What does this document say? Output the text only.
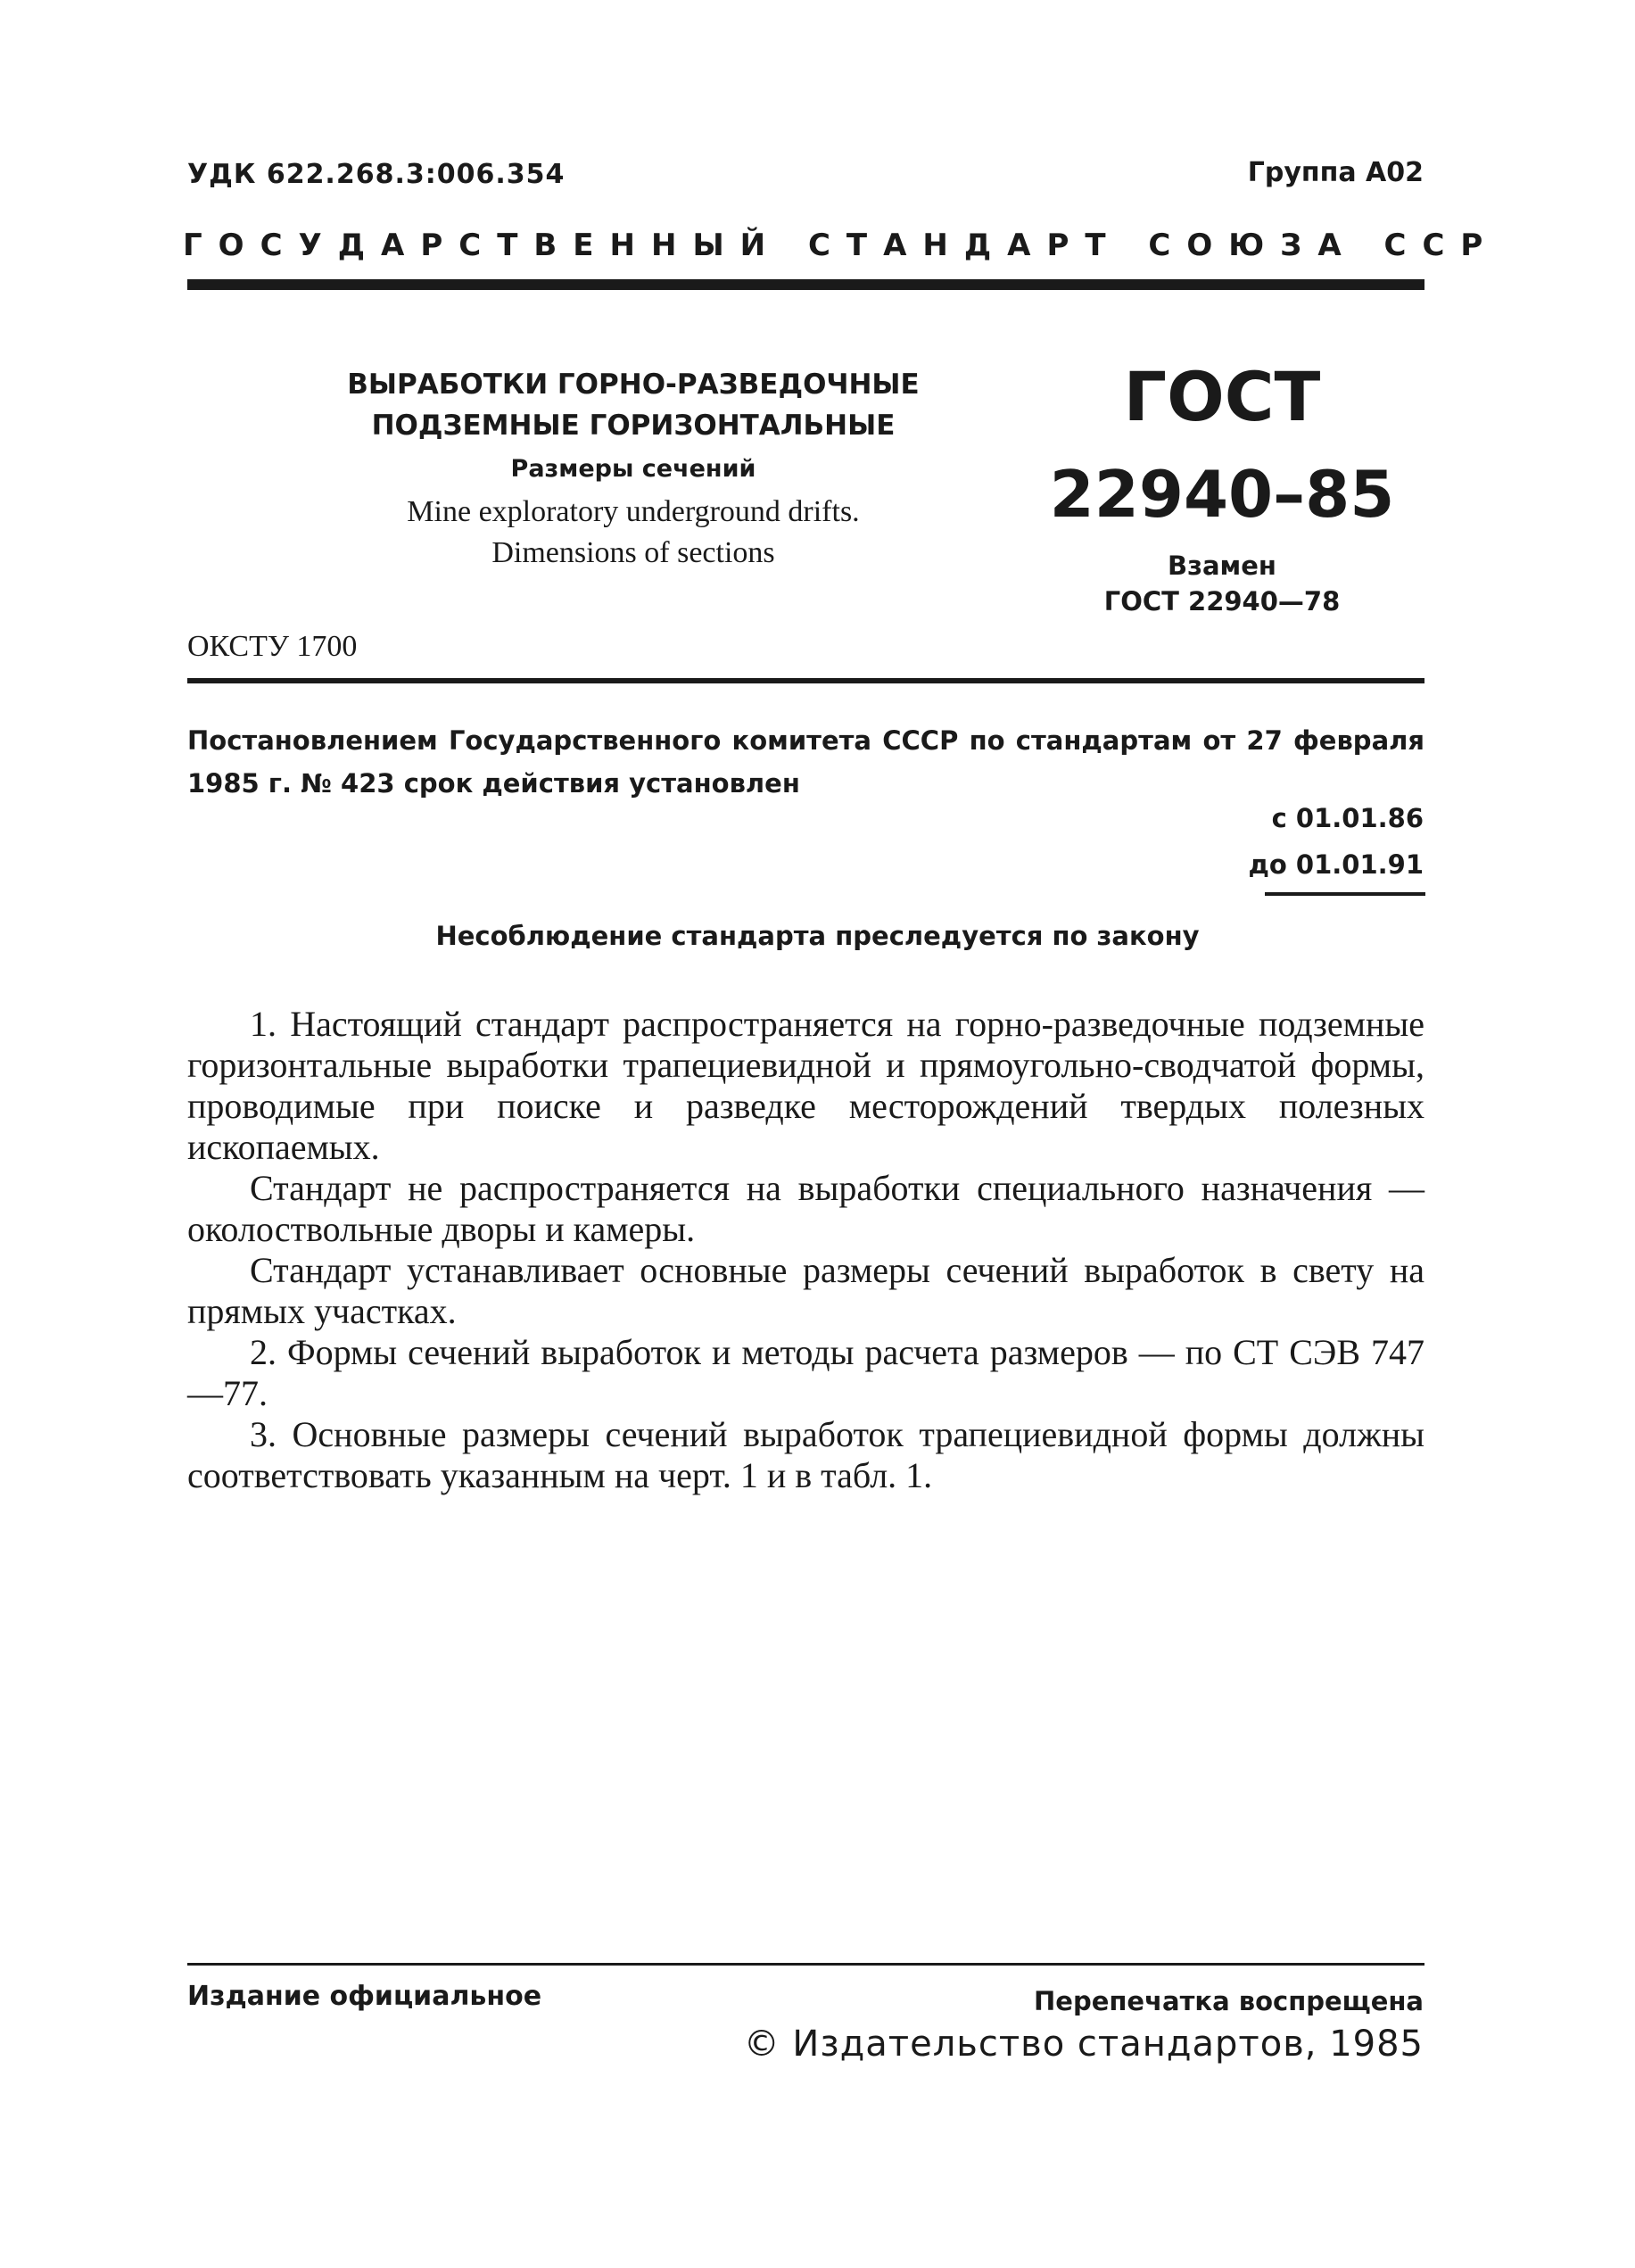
УДК 622.268.3:006.354	Группа А02
ГОСУДАРСТВЕННЫЙ СТАНДАРТ СОЮЗА ССР
ВЫРАБОТКИ ГОРНО-РАЗВЕДОЧНЫЕ
ПОДЗЕМНЫЕ ГОРИЗОНТАЛЬНЫЕ
Размеры сечений
Mine exploratory underground drifts.
Dimensions of sections
ГОСТ
22940–85
Взамен
ГОСТ 22940—78
ОКСТУ 1700
Постановлением Государственного комитета СССР по стандартам от 27 февраля 1985 г. № 423 срок действия установлен
с 01.01.86
до 01.01.91
Несоблюдение стандарта преследуется по закону

1. Настоящий стандарт распространяется на горно-разведочные подземные горизонтальные выработки трапециевидной и прямоугольно-сводчатой формы, проводимые при поиске и разведке месторождений твердых полезных ископаемых.

Стандарт не распространяется на выработки специального назначения — околоствольные дворы и камеры.

Стандарт устанавливает основные размеры сечений выработок в свету на прямых участках.

2. Формы сечений выработок и методы расчета размеров — по СТ СЭВ 747—77.

3. Основные размеры сечений выработок трапециевидной формы должны соответствовать указанным на черт. 1 и в табл. 1.

Издание официальное	Перепечатка воспрещена
© Издательство стандартов, 1985
